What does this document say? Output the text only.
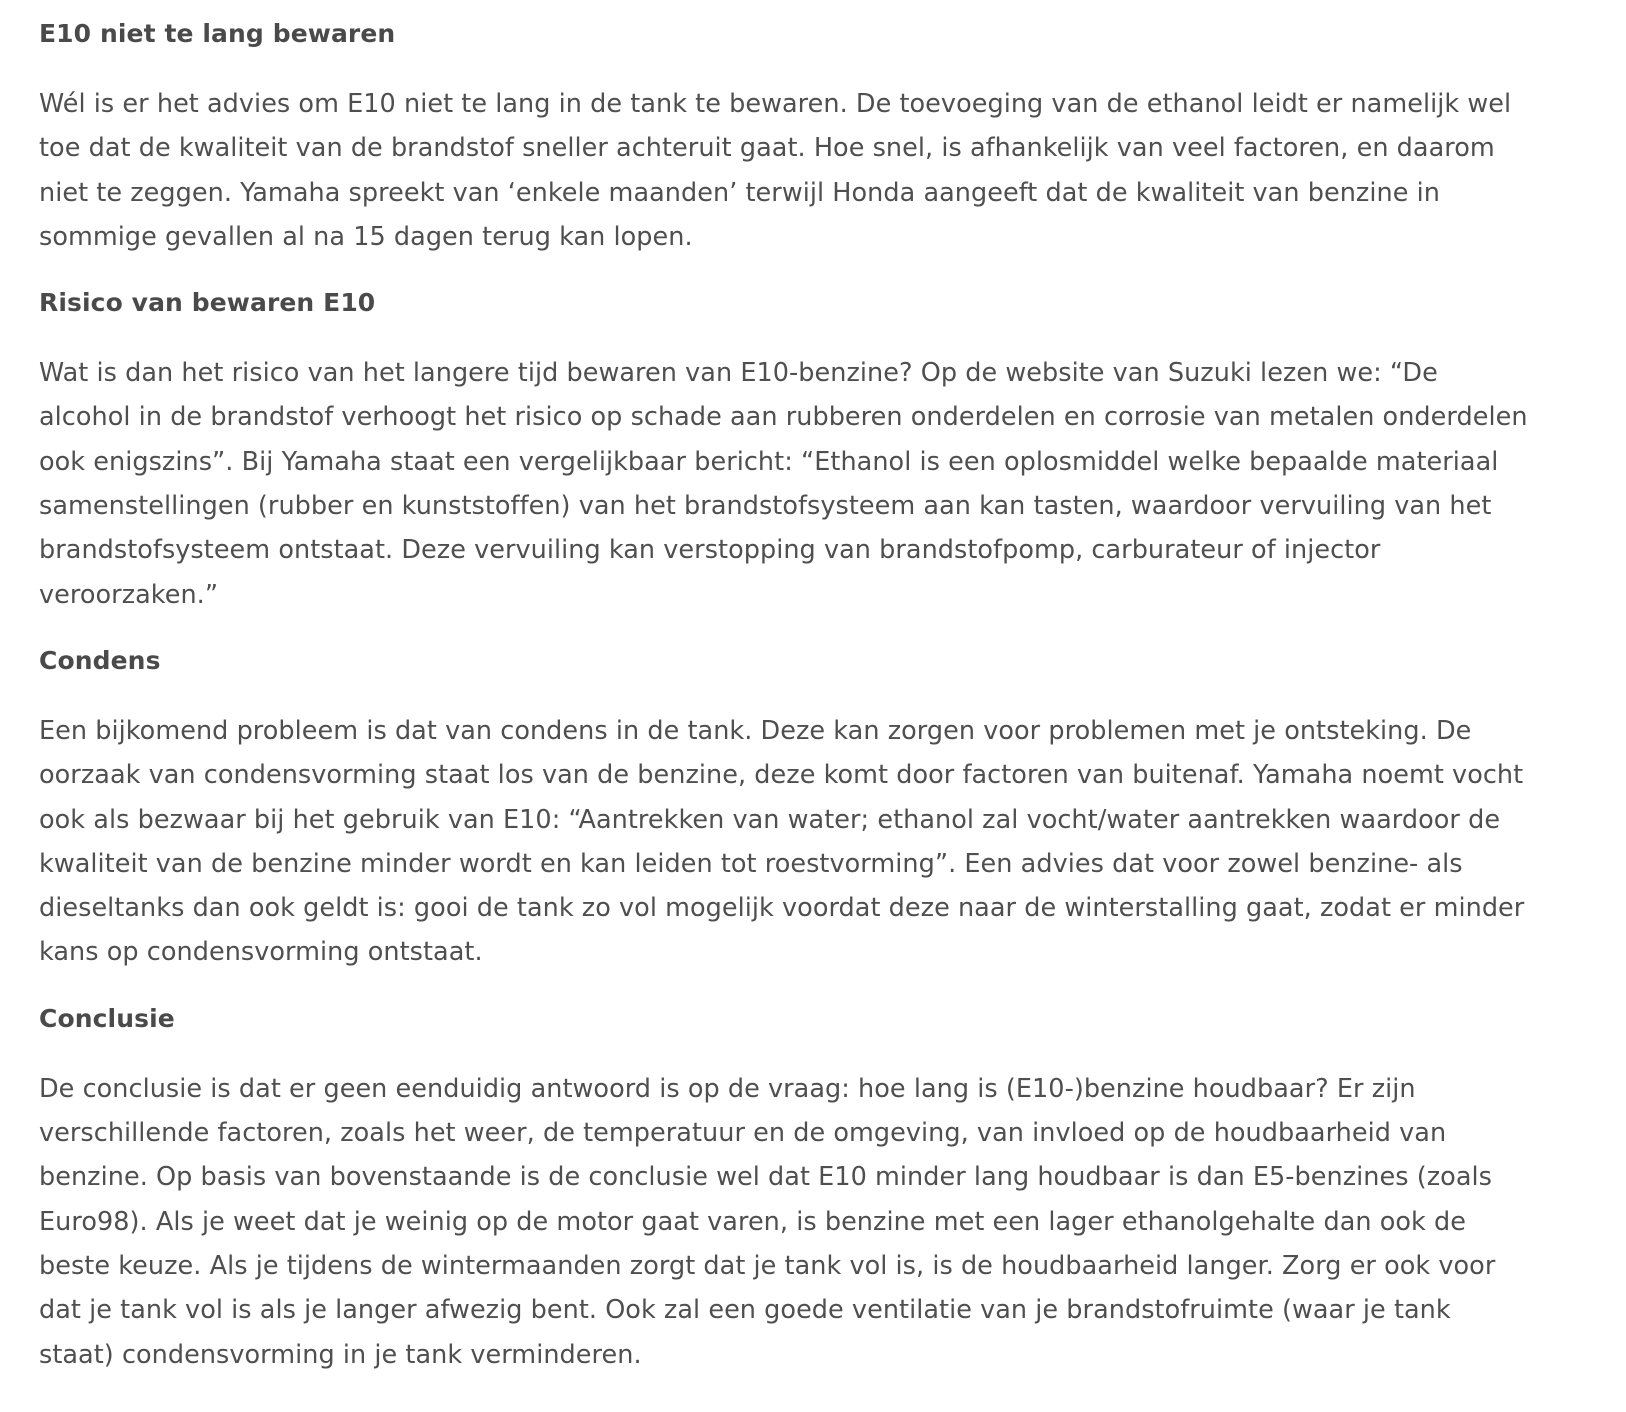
E10 niet te lang bewaren

Wél is er het advies om E10 niet te lang in de tank te bewaren. De toevoeging van de ethanol leidt er namelijk wel toe dat de kwaliteit van de brandstof sneller achteruit gaat. Hoe snel, is afhankelijk van veel factoren, en daarom niet te zeggen. Yamaha spreekt van ‘enkele maanden’ terwijl Honda aangeeft dat de kwaliteit van benzine in sommige gevallen al na 15 dagen terug kan lopen.

Risico van bewaren E10

Wat is dan het risico van het langere tijd bewaren van E10-benzine? Op de website van Suzuki lezen we: “De alcohol in de brandstof verhoogt het risico op schade aan rubberen onderdelen en corrosie van metalen onderdelen ook enigszins”. Bij Yamaha staat een vergelijkbaar bericht: “Ethanol is een oplosmiddel welke bepaalde materiaal samenstellingen (rubber en kunststoffen) van het brandstofsysteem aan kan tasten, waardoor vervuiling van het brandstofsysteem ontstaat. Deze vervuiling kan verstopping van brandstofpomp, carburateur of injector veroorzaken.”

Condens

Een bijkomend probleem is dat van condens in de tank. Deze kan zorgen voor problemen met je ontsteking. De oorzaak van condensvorming staat los van de benzine, deze komt door factoren van buitenaf. Yamaha noemt vocht ook als bezwaar bij het gebruik van E10: “Aantrekken van water; ethanol zal vocht/water aantrekken waardoor de kwaliteit van de benzine minder wordt en kan leiden tot roestvorming”. Een advies dat voor zowel benzine- als dieseltanks dan ook geldt is: gooi de tank zo vol mogelijk voordat deze naar de winterstalling gaat, zodat er minder kans op condensvorming ontstaat.

Conclusie

De conclusie is dat er geen eenduidig antwoord is op de vraag: hoe lang is (E10-)benzine houdbaar? Er zijn verschillende factoren, zoals het weer, de temperatuur en de omgeving, van invloed op de houdbaarheid van benzine. Op basis van bovenstaande is de conclusie wel dat E10 minder lang houdbaar is dan E5-benzines (zoals Euro98). Als je weet dat je weinig op de motor gaat varen, is benzine met een lager ethanolgehalte dan ook de beste keuze. Als je tijdens de wintermaanden zorgt dat je tank vol is, is de houdbaarheid langer. Zorg er ook voor dat je tank vol is als je langer afwezig bent. Ook zal een goede ventilatie van je brandstofruimte (waar je tank staat) condensvorming in je tank verminderen.
